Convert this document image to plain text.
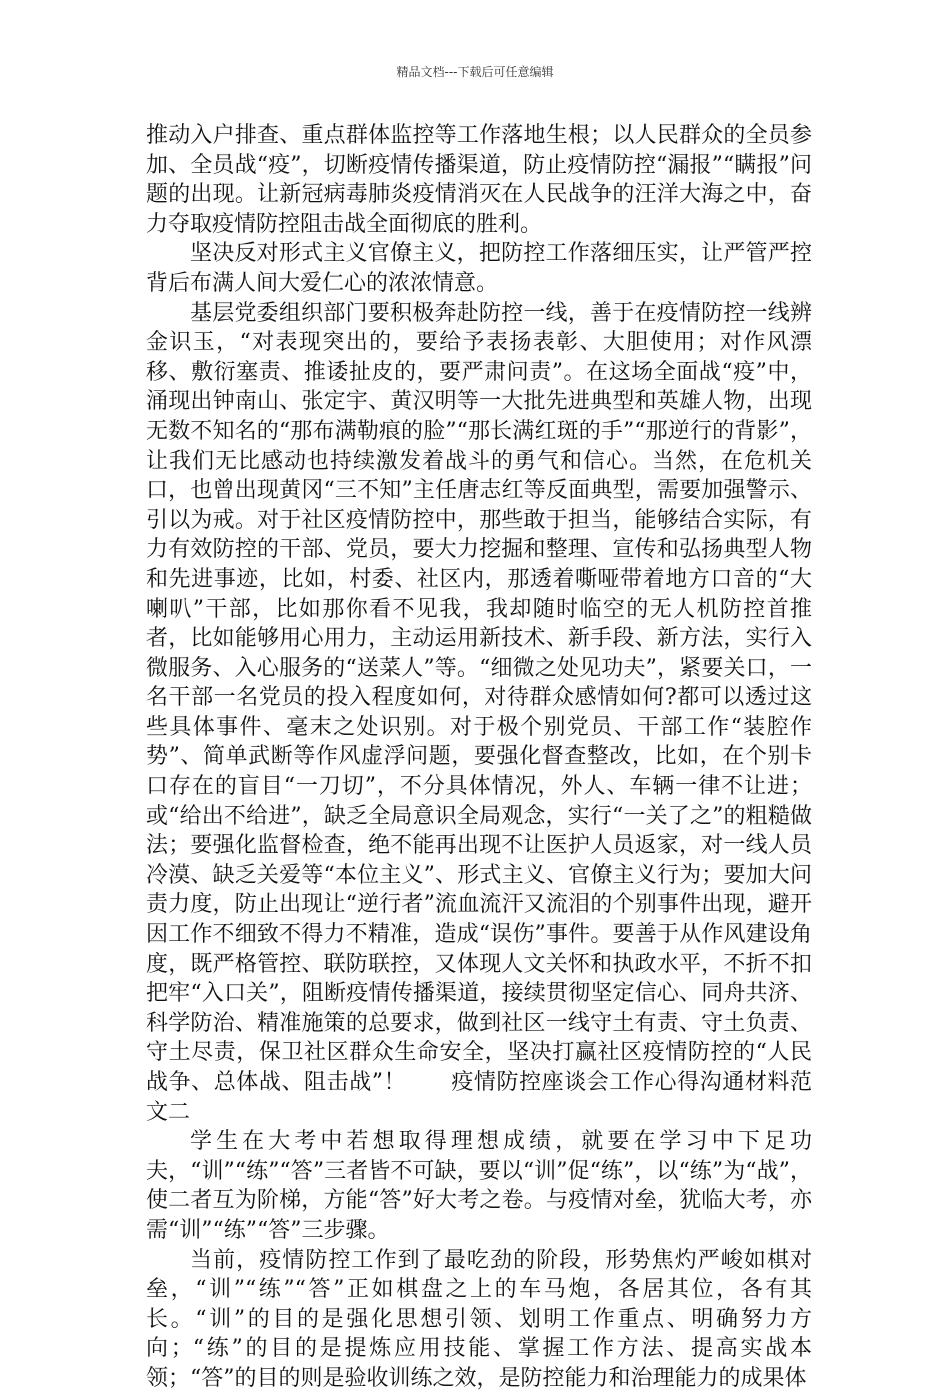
精品文档---下载后可任意编辑

推动入户排查、重点群体监控等工作落地生根；以人民群众的全员参加、全员战“疫”，切断疫情传播渠道，防止疫情防控“漏报”“瞒报”问题的出现。让新冠病毒肺炎疫情消灭在人民战争的汪洋大海之中，奋力夺取疫情防控阻击战全面彻底的胜利。

坚决反对形式主义官僚主义，把防控工作落细压实，让严管严控背后布满人间大爱仁心的浓浓情意。

基层党委组织部门要积极奔赴防控一线，善于在疫情防控一线辨金识玉，“对表现突出的，要给予表扬表彰、大胆使用；对作风漂移、敷衍塞责、推诿扯皮的，要严肃问责”。在这场全面战“疫”中，涌现出钟南山、张定宇、黄汉明等一大批先进典型和英雄人物，出现无数不知名的“那布满勒痕的脸”“那长满红斑的手”“那逆行的背影”，让我们无比感动也持续激发着战斗的勇气和信心。当然，在危机关口，也曾出现黄冈“三不知”主任唐志红等反面典型，需要加强警示、引以为戒。对于社区疫情防控中，那些敢于担当，能够结合实际，有力有效防控的干部、党员，要大力挖掘和整理、宣传和弘扬典型人物和先进事迹，比如，村委、社区内，那透着嘶哑带着地方口音的“大喇叭”干部，比如那你看不见我，我却随时临空的无人机防控首推者，比如能够用心用力，主动运用新技术、新手段、新方法，实行入微服务、入心服务的“送菜人”等。“细微之处见功夫”，紧要关口，一名干部一名党员的投入程度如何，对待群众感情如何?都可以透过这些具体事件、毫末之处识别。对于极个别党员、干部工作“装腔作势”、简单武断等作风虚浮问题，要强化督查整改，比如，在个别卡口存在的盲目“一刀切”，不分具体情况，外人、车辆一律不让进；或“给出不给进”，缺乏全局意识全局观念，实行“一关了之”的粗糙做法；要强化监督检查，绝不能再出现不让医护人员返家，对一线人员冷漠、缺乏关爱等“本位主义”、形式主义、官僚主义行为；要加大问责力度，防止出现让“逆行者”流血流汗又流泪的个别事件出现，避开因工作不细致不得力不精准，造成“误伤”事件。要善于从作风建设角度，既严格管控、联防联控，又体现人文关怀和执政水平，不折不扣把牢“入口关”，阻断疫情传播渠道，接续贯彻坚定信心、同舟共济、科学防治、精准施策的总要求，做到社区一线守土有责、守土负责、守土尽责，保卫社区群众生命安全，坚决打赢社区疫情防控的“人民战争、总体战、阻击战”！　　疫情防控座谈会工作心得沟通材料范文二

学生在大考中若想取得理想成绩，就要在学习中下足功夫，“训”“练”“答”三者皆不可缺，要以“训”促“练”，以“练”为“战”，使二者互为阶梯，方能“答”好大考之卷。与疫情对垒，犹临大考，亦需“训”“练”“答”三步骤。

当前，疫情防控工作到了最吃劲的阶段，形势焦灼严峻如棋对垒，“训”“练”“答”正如棋盘之上的车马炮，各居其位，各有其长。“训”的目的是强化思想引领、划明工作重点、明确努力方向；“练”的目的是提炼应用技能、掌握工作方法、提高实战本领；“答”的目的则是验收训练之效，是防控能力和治理能力的成果体
